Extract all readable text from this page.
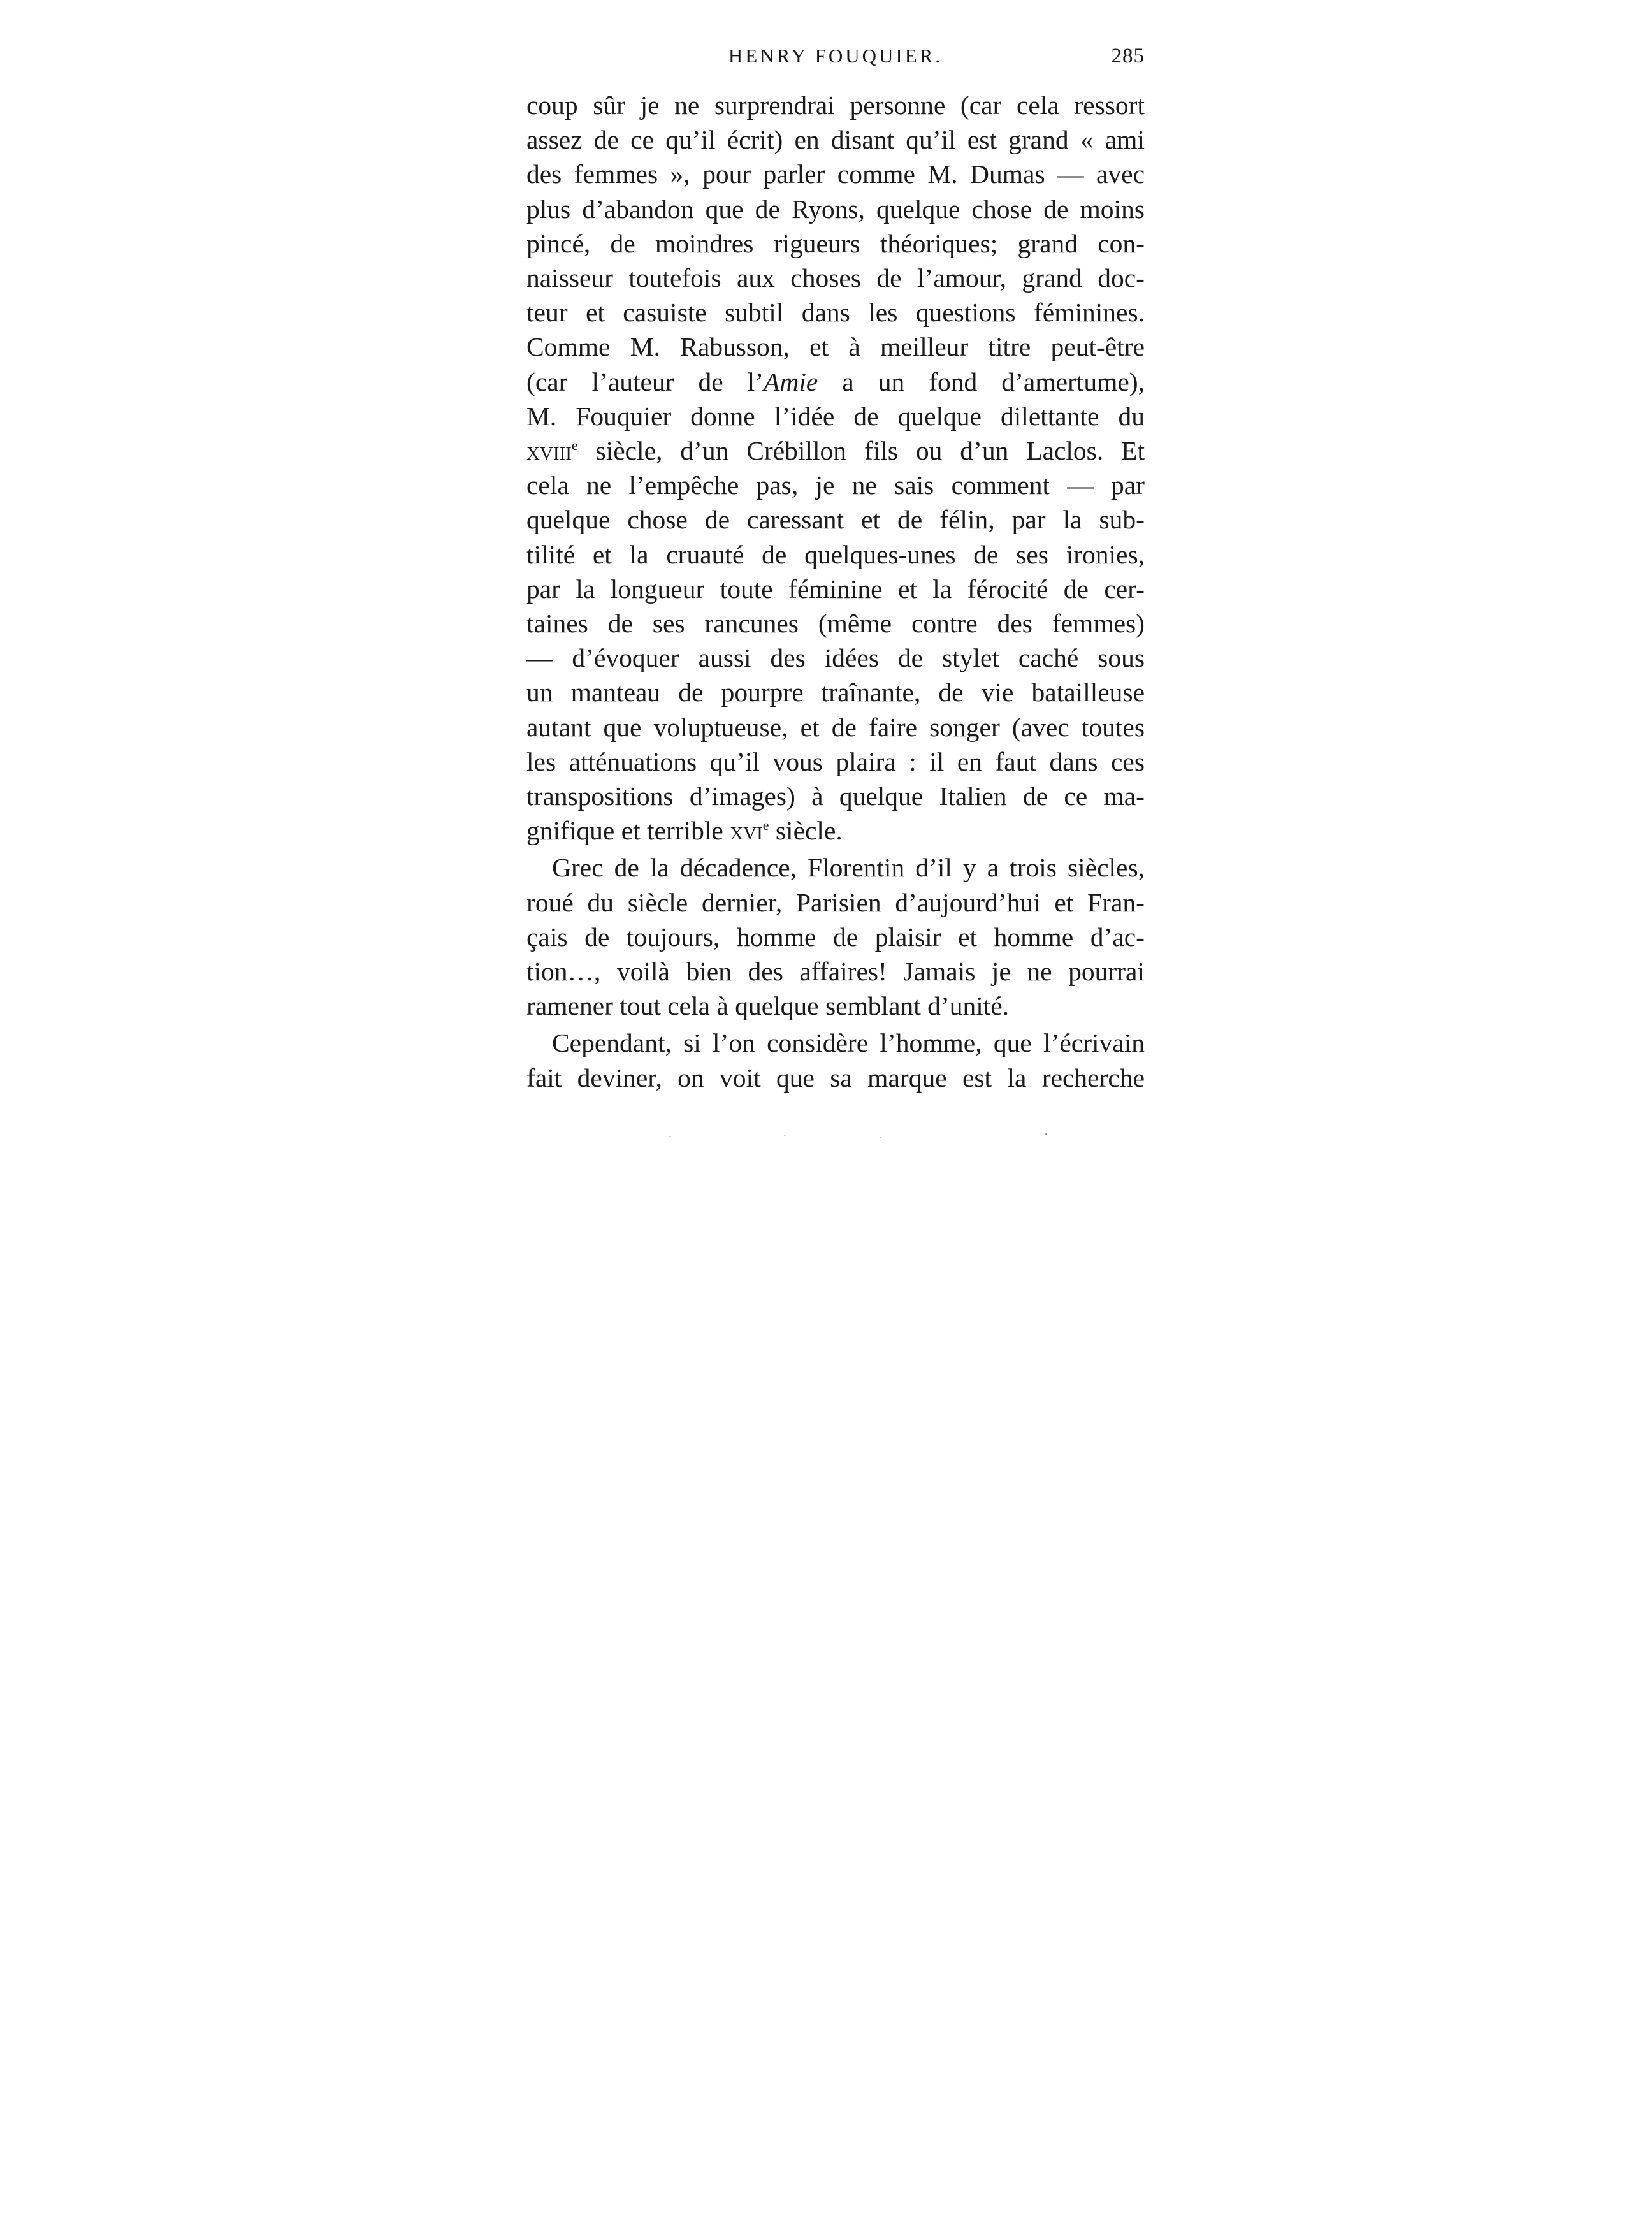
HENRY FOUQUIER.	285
coup sûr je ne surprendrai personne (car cela ressort
assez de ce qu’il écrit) en disant qu’il est grand « ami
des femmes », pour parler comme M. Dumas — avec
plus d’abandon que de Ryons, quelque chose de moins
pincé, de moindres rigueurs théoriques; grand con-
naisseur toutefois aux choses de l’amour, grand doc-
teur et casuiste subtil dans les questions féminines.
Comme M. Rabusson, et à meilleur titre peut-être
(car l’auteur de l’Amie a un fond d’amertume),
M. Fouquier donne l’idée de quelque dilettante du
xviii$^e$ siècle, d’un Crébillon fils ou d’un Laclos. Et
cela ne l’empêche pas, je ne sais comment — par
quelque chose de caressant et de félin, par la sub-
tilité et la cruauté de quelques-unes de ses ironies,
par la longueur toute féminine et la férocité de cer-
taines de ses rancunes (même contre des femmes)
— d’évoquer aussi des idées de stylet caché sous
un manteau de pourpre traînante, de vie batailleuse
autant que voluptueuse, et de faire songer (avec toutes
les atténuations qu’il vous plaira : il en faut dans ces
transpositions d’images) à quelque Italien de ce ma-
gnifique et terrible xvi$^e$ siècle.
Grec de la décadence, Florentin d’il y a trois siècles,
roué du siècle dernier, Parisien d’aujourd’hui et Fran-
çais de toujours, homme de plaisir et homme d’ac-
tion…, voilà bien des affaires! Jamais je ne pourrai
ramener tout cela à quelque semblant d’unité.
Cependant, si l’on considère l’homme, que l’écrivain
fait deviner, on voit que sa marque est la recherche
